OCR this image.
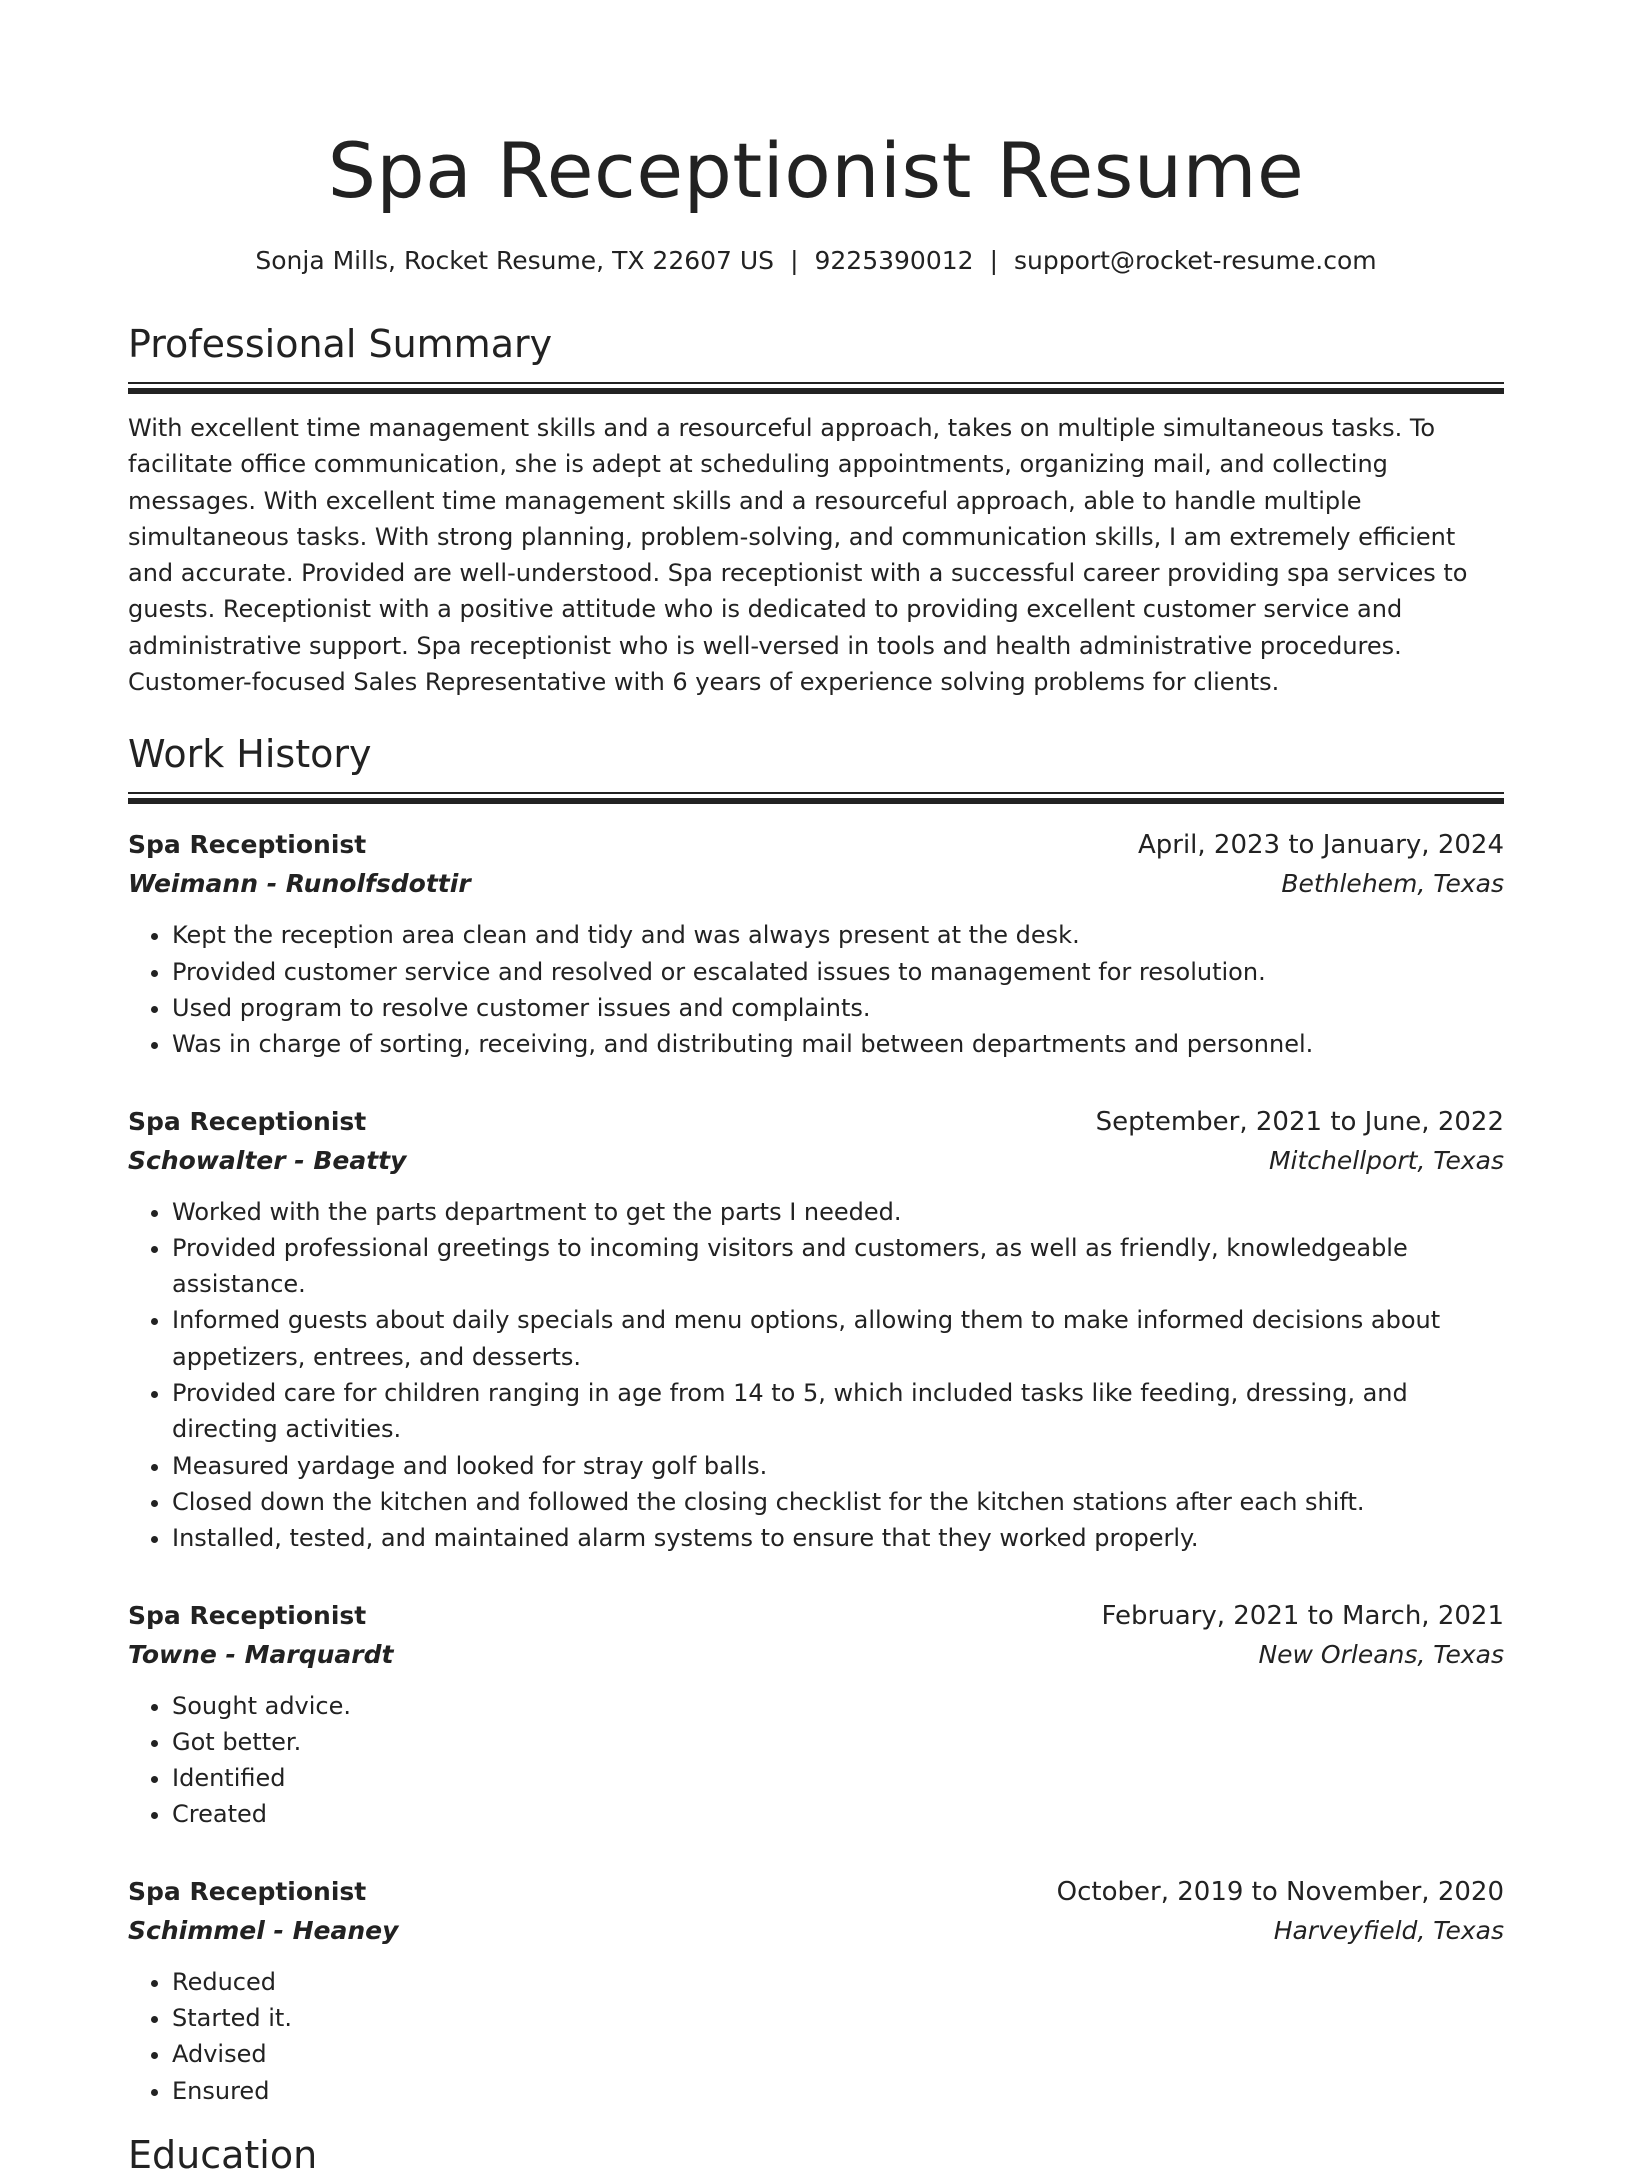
Spa Receptionist Resume
Sonja Mills, Rocket Resume, TX 22607 US | 9225390012 | support@rocket-resume.com
Professional Summary

With excellent time management skills and a resourceful approach, takes on multiple simultaneous tasks. To facilitate office communication, she is adept at scheduling appointments, organizing mail, and collecting messages. With excellent time management skills and a resourceful approach, able to handle multiple simultaneous tasks. With strong planning, problem-solving, and communication skills, I am extremely efficient and accurate. Provided are well-understood. Spa receptionist with a successful career providing spa services to guests. Receptionist with a positive attitude who is dedicated to providing excellent customer service and administrative support. Spa receptionist who is well-versed in tools and health administrative procedures. Customer-focused Sales Representative with 6 years of experience solving problems for clients.

Work History
Spa Receptionist	April, 2023 to January, 2024
Weimann - Runolfsdottir	Bethlehem, Texas
• Kept the reception area clean and tidy and was always present at the desk.
• Provided customer service and resolved or escalated issues to management for resolution.
• Used program to resolve customer issues and complaints.
• Was in charge of sorting, receiving, and distributing mail between departments and personnel.
Spa Receptionist	September, 2021 to June, 2022
Schowalter - Beatty	Mitchellport, Texas
• Worked with the parts department to get the parts I needed.
• Provided professional greetings to incoming visitors and customers, as well as friendly, knowledgeable assistance.
• Informed guests about daily specials and menu options, allowing them to make informed decisions about appetizers, entrees, and desserts.
• Provided care for children ranging in age from 14 to 5, which included tasks like feeding, dressing, and directing activities.
• Measured yardage and looked for stray golf balls.
• Closed down the kitchen and followed the closing checklist for the kitchen stations after each shift.
• Installed, tested, and maintained alarm systems to ensure that they worked properly.
Spa Receptionist	February, 2021 to March, 2021
Towne - Marquardt	New Orleans, Texas
• Sought advice.
• Got better.
• Identified
• Created
Spa Receptionist	October, 2019 to November, 2020
Schimmel - Heaney	Harveyfield, Texas
• Reduced
• Started it.
• Advised
• Ensured
Education
